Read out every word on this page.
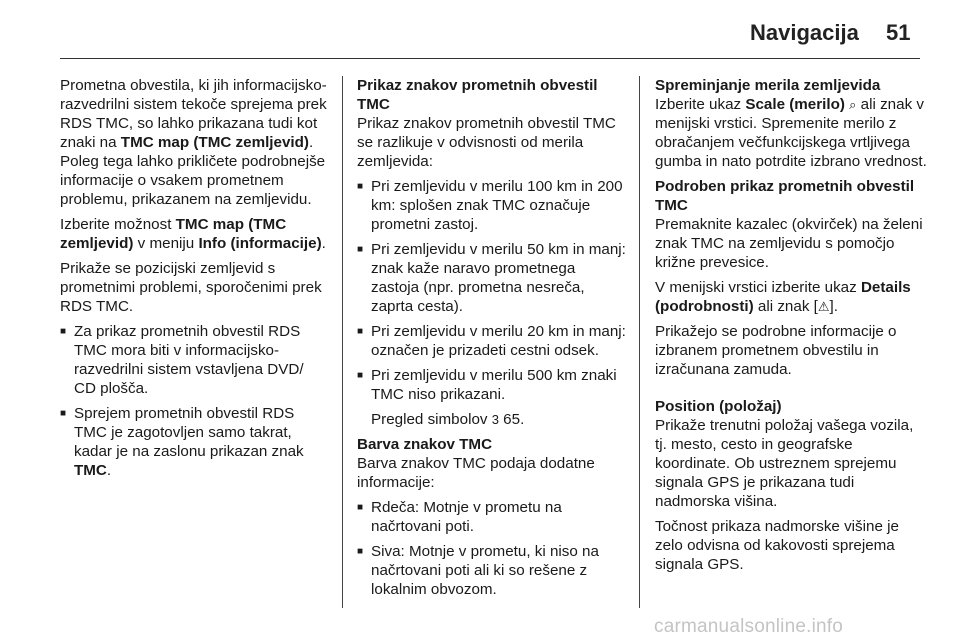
Navigacija 51

Prometna obvestila, ki jih informacijsko-razvedrilni sistem tekoče sprejema prek RDS TMC, so lahko prikazana tudi kot znaki na TMC map (TMC zemljevid). Poleg tega lahko prikličete podrobnejše informacije o vsakem prometnem problemu, prikazanem na zemljevidu.

Izberite možnost TMC map (TMC zemljevid) v meniju Info (informacije).

Prikaže se pozicijski zemljevid s prometnimi problemi, sporočenimi prek RDS TMC.

■ Za prikaz prometnih obvestil RDS TMC mora biti v informacijsko-razvedrilni sistem vstavljena DVD/ CD plošča.
■ Sprejem prometnih obvestil RDS TMC je zagotovljen samo takrat, kadar je na zaslonu prikazan znak TMC.
Prikaz znakov prometnih obvestil TMC

Prikaz znakov prometnih obvestil TMC se razlikuje v odvisnosti od merila zemljevida:

■ Pri zemljevidu v merilu 100 km in 200 km: splošen znak TMC označuje prometni zastoj.
■ Pri zemljevidu v merilu 50 km in manj: znak kaže naravo prometnega zastoja (npr. prometna nesreča, zaprta cesta).
■ Pri zemljevidu v merilu 20 km in manj: označen je prizadeti cestni odsek.
■ Pri zemljevidu v merilu 500 km znaki TMC niso prikazani.

Pregled simbolov 3 65.

Barva znakov TMC

Barva znakov TMC podaja dodatne informacije:

■ Rdeča: Motnje v prometu na načrtovani poti.
■ Siva: Motnje v prometu, ki niso na načrtovani poti ali ki so rešene z lokalnim obvozom.
Spreminjanje merila zemljevida

Izberite ukaz Scale (merilo) ⌕ ali znak v menijski vrstici. Spremenite merilo z obračanjem večfunkcijskega vrtljivega gumba in nato potrdite izbrano vrednost.

Podroben prikaz prometnih obvestil TMC

Premaknite kazalec (okvirček) na želeni znak TMC na zemljevidu s pomočjo križne prevesice.

V menijski vrstici izberite ukaz Details (podrobnosti) ali znak [⚠].

Prikažejo se podrobne informacije o izbranem prometnem obvestilu in izračunana zamuda.

Position (položaj)

Prikaže trenutni položaj vašega vozila, tj. mesto, cesto in geografske koordinate. Ob ustreznem sprejemu signala GPS je prikazana tudi nadmorska višina.

Točnost prikaza nadmorske višine je zelo odvisna od kakovosti sprejema signala GPS.

carmanualsonline.info
